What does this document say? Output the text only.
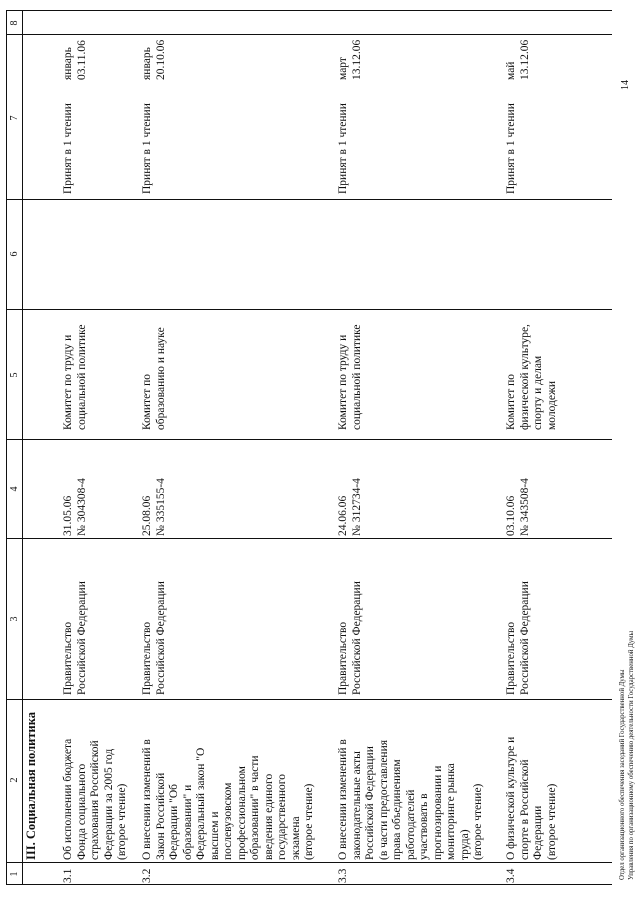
1
2
3
4
5
6
7
8
III. Социальная политика
3.1
Об исполнении бюджета
Фонда социального
страхования Российской
Федерации за 2005 год
(второе чтение)
Правительство
Российской Федерации
31.05.06
№ 304308-4
Комитет по труду и
социальной политике
Принят в 1 чтении
январь
03.11.06
3.2
О внесении изменений в
Закон Российской
Федерации "Об
образовании" и
Федеральный закон "О
высшем и
послевузовском
профессиональном
образовании" в части
введения единого
государственного
экзамена
(второе чтение)
Правительство
Российской Федерации
25.08.06
№ 335155-4
Комитет по
образованию и науке
Принят в 1 чтении
январь
20.10.06
3.3
О внесении изменений в
законодательные акты
Российской Федерации
(в части предоставления
права объединениям
работодателей
участвовать в
прогнозировании и
мониторинге рынка
труда)
(второе чтение)
Правительство
Российской Федерации
24.06.06
№ 312734-4
Комитет по труду и
социальной политике
Принят в 1 чтении
март
13.12.06
3.4
О физической культуре и
спорте в Российской
Федерации
(второе чтение)
Правительство
Российской Федерации
03.10.06
№ 343508-4
Комитет по
физической культуре,
спорту и делам
молодежи
Принят в 1 чтении
май
13.12.06
Отдел организационного обеспечения заседаний Государственной Думы Управления по организационному обеспечению деятельности Государственной Думы
14
